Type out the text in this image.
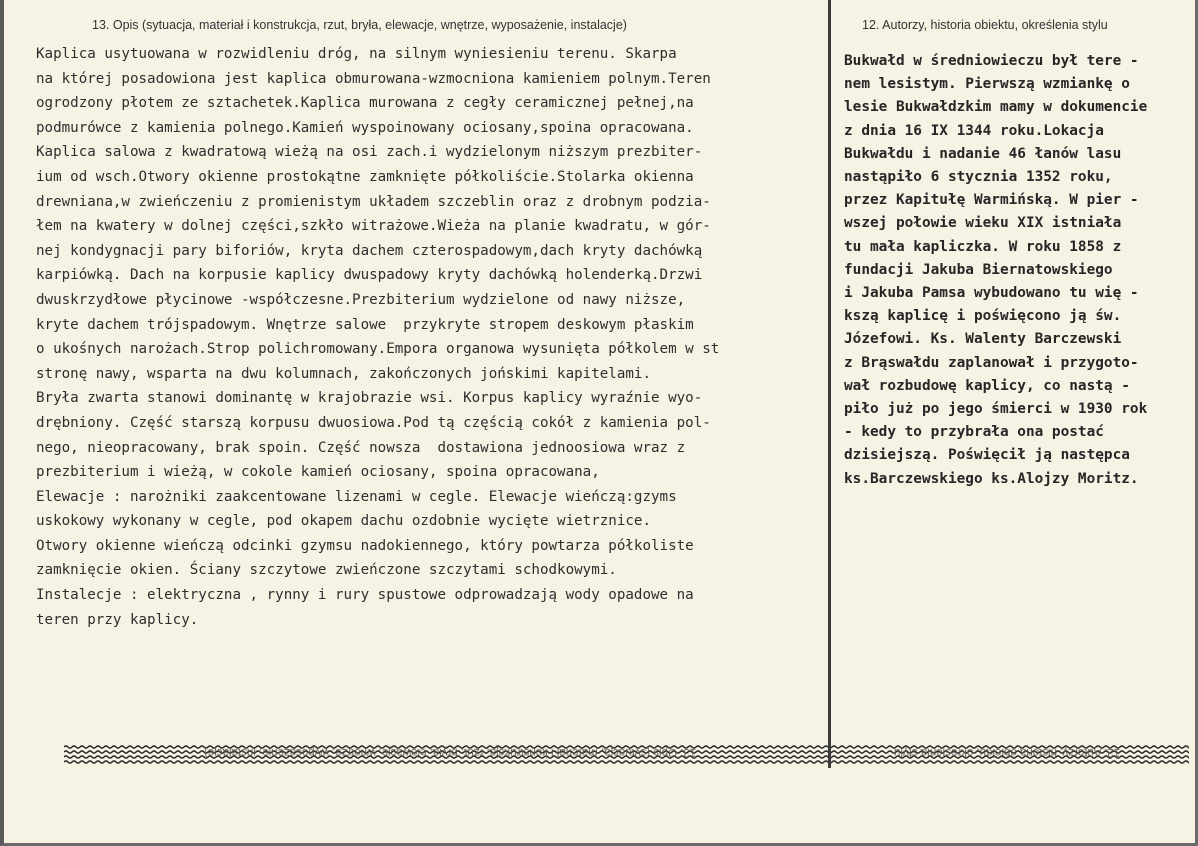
13. Opis (sytuacja, materiał i konstrukcja, rzut, bryła, elewacje, wnętrze, wyposażenie, instalacje)	12. Autorzy, historia obiektu, określenia stylu
Kaplica usytuowana w rozwidleniu dróg, na silnym wyniesieniu terenu. Skarpa
na której posadowiona jest kaplica obmurowana-wzmocniona kamieniem polnym.Teren
ogrodzony płotem ze sztachetek.Kaplica murowana z cegły ceramicznej pełnej,na
podmurówce z kamienia polnego.Kamień wyspoinowany ociosany,spoina opracowana.
Kaplica salowa z kwadratową wieżą na osi zach.i wydzielonym niższym prezbiter-
ium od wsch.Otwory okienne prostokątne zamknięte półkoliście.Stolarka okienna
drewniana,w zwieńczeniu z promienistym układem szczeblin oraz z drobnym podzia-
łem na kwatery w dolnej części,szkło witrażowe.Wieża na planie kwadratu, w gór-
nej kondygnacji pary biforiów, kryta dachem czterospadowym,dach kryty dachówką
karpiówką. Dach na korpusie kaplicy dwuspadowy kryty dachówką holenderką.Drzwi
dwuskrzydłowe płycinowe -współczesne.Prezbiterium wydzielone od nawy niższe,
kryte dachem trójspadowym. Wnętrze salowe  przykryte stropem deskowym płaskim
o ukośnych narożach.Strop polichromowany.Empora organowa wysunięta półkolem w st
stronę nawy, wsparta na dwu kolumnach, zakończonych jońskimi kapitelami.
Bryła zwarta stanowi dominantę w krajobrazie wsi. Korpus kaplicy wyraźnie wyo-
drębniony. Część starszą korpusu dwuosiowa.Pod tą częścią cokół z kamienia pol-
nego, nieopracowany, brak spoin. Część nowsza  dostawiona jednoosiowa wraz z
prezbiterium i wieżą, w cokole kamień ociosany, spoina opracowana,
Elewacje : narożniki zaakcentowane lizenami w cegle. Elewacje wieńczą:gzyms
uskokowy wykonany w cegle, pod okapem dachu ozdobnie wycięte wietrznice.
Otwory okienne wieńczą odcinki gzymsu nadokiennego, który powtarza półkoliste
zamknięcie okien. Ściany szczytowe zwieńczone szczytami schodkowymi.
Instalecje : elektryczna , rynny i rury spustowe odprowadzają wody opadowe na
teren przy kaplicy.
Bukwałd w średniowieczu był tere -
nem lesistym. Pierwszą wzmiankę o
lesie Bukwałdzkim mamy w dokumencie
z dnia 16 IX 1344 roku.Lokacja
Bukwałdu i nadanie 46 łanów lasu
nastąpiło 6 stycznia 1352 roku,
przez Kapitułę Warmińską. W pier -
wszej połowie wieku XIX istniała
tu mała kapliczka. W roku 1858 z
fundacji Jakuba Biernatowskiego
i Jakuba Pamsa wybudowano tu wię -
kszą kaplicę i poświęcono ją św.
Józefowi. Ks. Walenty Barczewski
z Brąswałdu zaplanował i przygoto-
wał rozbudowę kaplicy, co nastą -
piło już po jego śmierci w 1930 rok
- kedy to przybrała ona postać
dzisiejszą. Poświęcił ją następca
ks.Barczewskiego ks.Alojzy Moritz.
13. Opis (sytuacja, materiał i konstrukcja, rzut, bryła, elewacje, wnętrze, wyposażenie, instalacje)	12. Autorzy, historia obiektu, określenia stylu
